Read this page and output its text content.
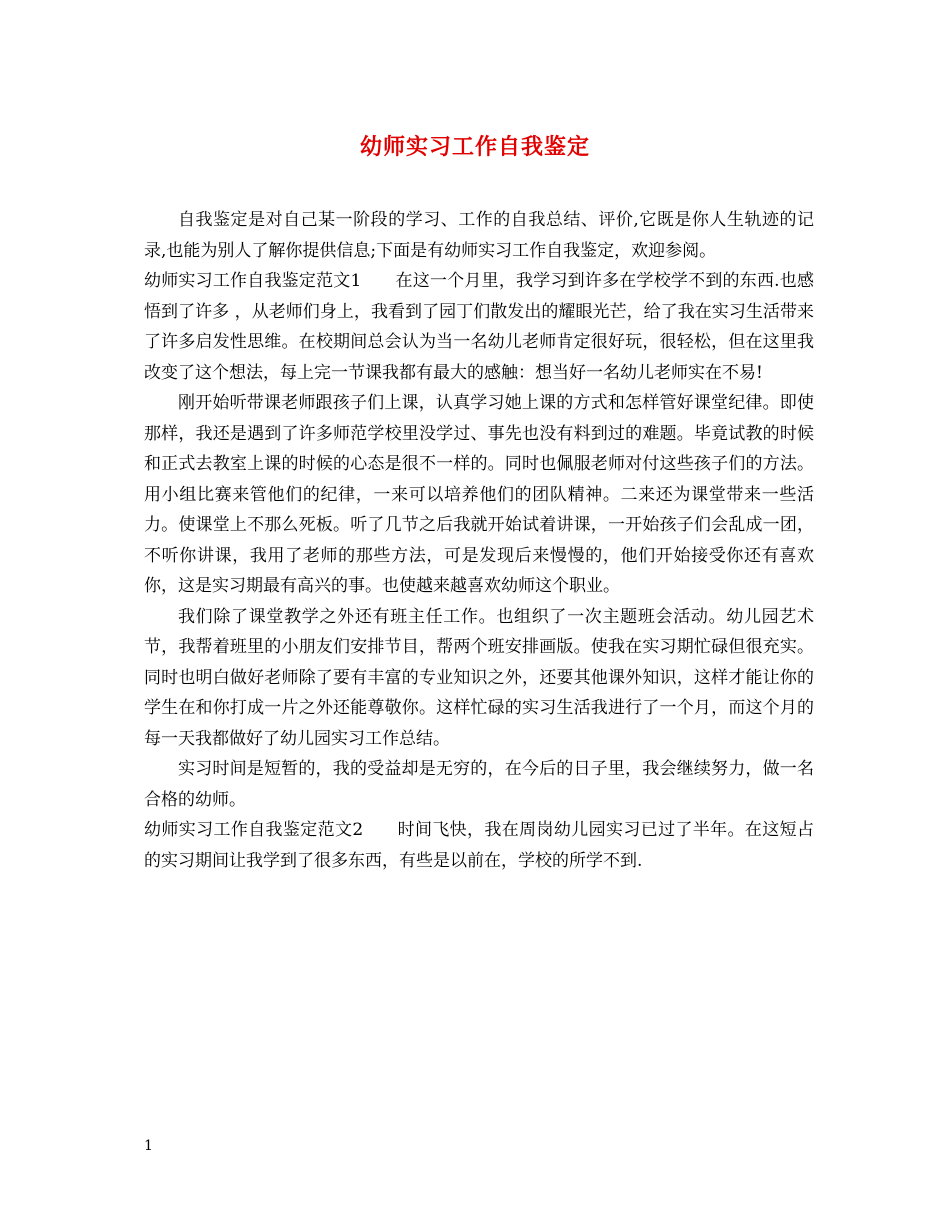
幼师实习工作自我鉴定

自我鉴定是对自己某一阶段的学习、工作的自我总结、评价,它既是你人生轨迹的记录,也能为别人了解你提供信息;下面是有幼师实习工作自我鉴定，欢迎参阅。

幼师实习工作自我鉴定范文1 在这一个月里，我学习到许多在学校学不到的东西.也感悟到了许多 ，从老师们身上，我看到了园丁们散发出的耀眼光芒，给了我在实习生活带来了许多启发性思维。在校期间总会认为当一名幼儿老师肯定很好玩，很轻松，但在这里我改变了这个想法，每上完一节课我都有最大的感触：想当好一名幼儿老师实在不易!

刚开始听带课老师跟孩子们上课，认真学习她上课的方式和怎样管好课堂纪律。即使那样，我还是遇到了许多师范学校里没学过、事先也没有料到过的难题。毕竟试教的时候和正式去教室上课的时候的心态是很不一样的。同时也佩服老师对付这些孩子们的方法。用小组比赛来管他们的纪律，一来可以培养他们的团队精神。二来还为课堂带来一些活力。使课堂上不那么死板。听了几节之后我就开始试着讲课，一开始孩子们会乱成一团，不听你讲课，我用了老师的那些方法，可是发现后来慢慢的，他们开始接受你还有喜欢你，这是实习期最有高兴的事。也使越来越喜欢幼师这个职业。

我们除了课堂教学之外还有班主任工作。也组织了一次主题班会活动。幼儿园艺术节，我帮着班里的小朋友们安排节目，帮两个班安排画版。使我在实习期忙碌但很充实。同时也明白做好老师除了要有丰富的专业知识之外，还要其他课外知识，这样才能让你的学生在和你打成一片之外还能尊敬你。这样忙碌的实习生活我进行了一个月，而这个月的每一天我都做好了幼儿园实习工作总结。

实习时间是短暂的，我的受益却是无穷的，在今后的日子里，我会继续努力，做一名合格的幼师。

幼师实习工作自我鉴定范文2 时间飞快，我在周岗幼儿园实习已过了半年。在这短占的实习期间让我学到了很多东西，有些是以前在，学校的所学不到.

1
